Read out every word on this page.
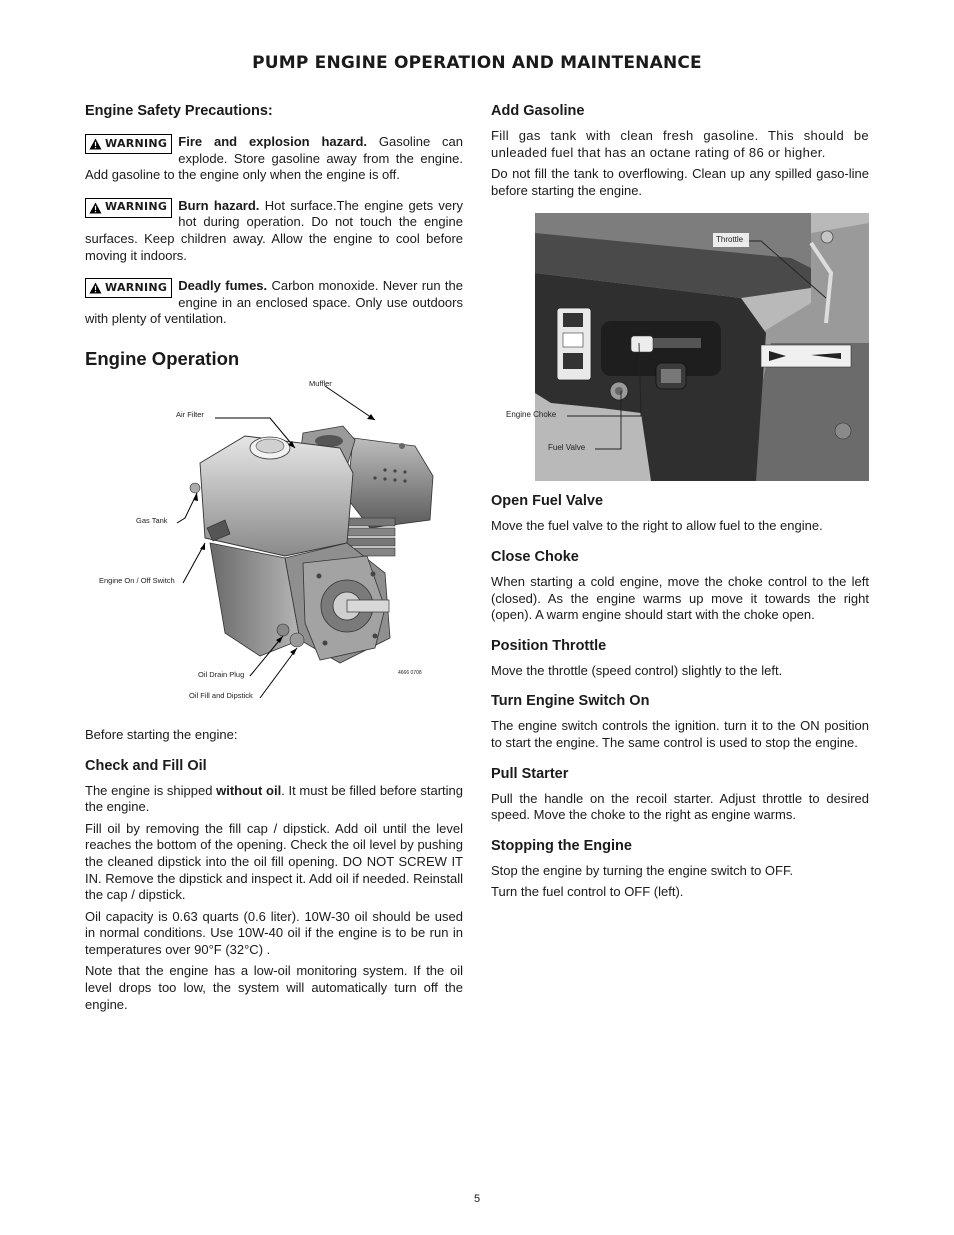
PUMP ENGINE OPERATION AND MAINTENANCE
Engine Safety Precautions:

WARNING Fire and explosion hazard. Gasoline can explode. Store gasoline away from the engine. Add gasoline to the engine only when the engine is off.

WARNING Burn hazard. Hot surface.The engine gets very hot during operation. Do not touch the engine surfaces. Keep children away. Allow the engine to cool before moving it indoors.

WARNING Deadly fumes. Carbon monoxide. Never run the engine in an enclosed space. Only use outdoors with plenty of ventilation.

Engine Operation
Muffler
Air Filter
Gas Tank
Engine On / Off Switch
Oil Drain Plug
Oil Fill and Dipstick
4666 0708

Before starting the engine:

Check and Fill Oil

The engine is shipped without oil. It must be filled before starting the engine.

Fill oil by removing the fill cap / dipstick. Add oil until the level reaches the bottom of the opening. Check the oil level by pushing the cleaned dipstick into the oil fill opening. DO NOT SCREW IT IN. Remove the dipstick and inspect it. Add oil if needed. Reinstall the cap / dipstick.

Oil capacity is 0.63 quarts (0.6 liter). 10W-30 oil should be used in normal conditions. Use 10W-40 oil if the engine is to be run in temperatures over 90°F (32°C) .

Note that the engine has a low-oil monitoring system. If the oil level drops too low, the system will automatically turn off the engine.

Add Gasoline

Fill gas tank with clean fresh gasoline. This should be unleaded fuel that has an octane rating of 86 or higher.

Do not fill the tank to overflowing. Clean up any spilled gaso-line before starting the engine.

Throttle
Engine Choke
Fuel Valve
Open Fuel Valve

Move the fuel valve to the right to allow fuel to the engine.

Close Choke

When starting a cold engine, move the choke control to the left (closed). As the engine warms up move it towards the right (open). A warm engine should start with the choke open.

Position Throttle

Move the throttle (speed control) slightly to the left.

Turn Engine Switch On

The engine switch controls the ignition. turn it to the ON position to start the engine. The same control is used to stop the engine.

Pull Starter

Pull the handle on the recoil starter. Adjust throttle to desired speed. Move the choke to the right as engine warms.

Stopping the Engine

Stop the engine by turning the engine switch to OFF.

Turn the fuel control to OFF (left).

5
